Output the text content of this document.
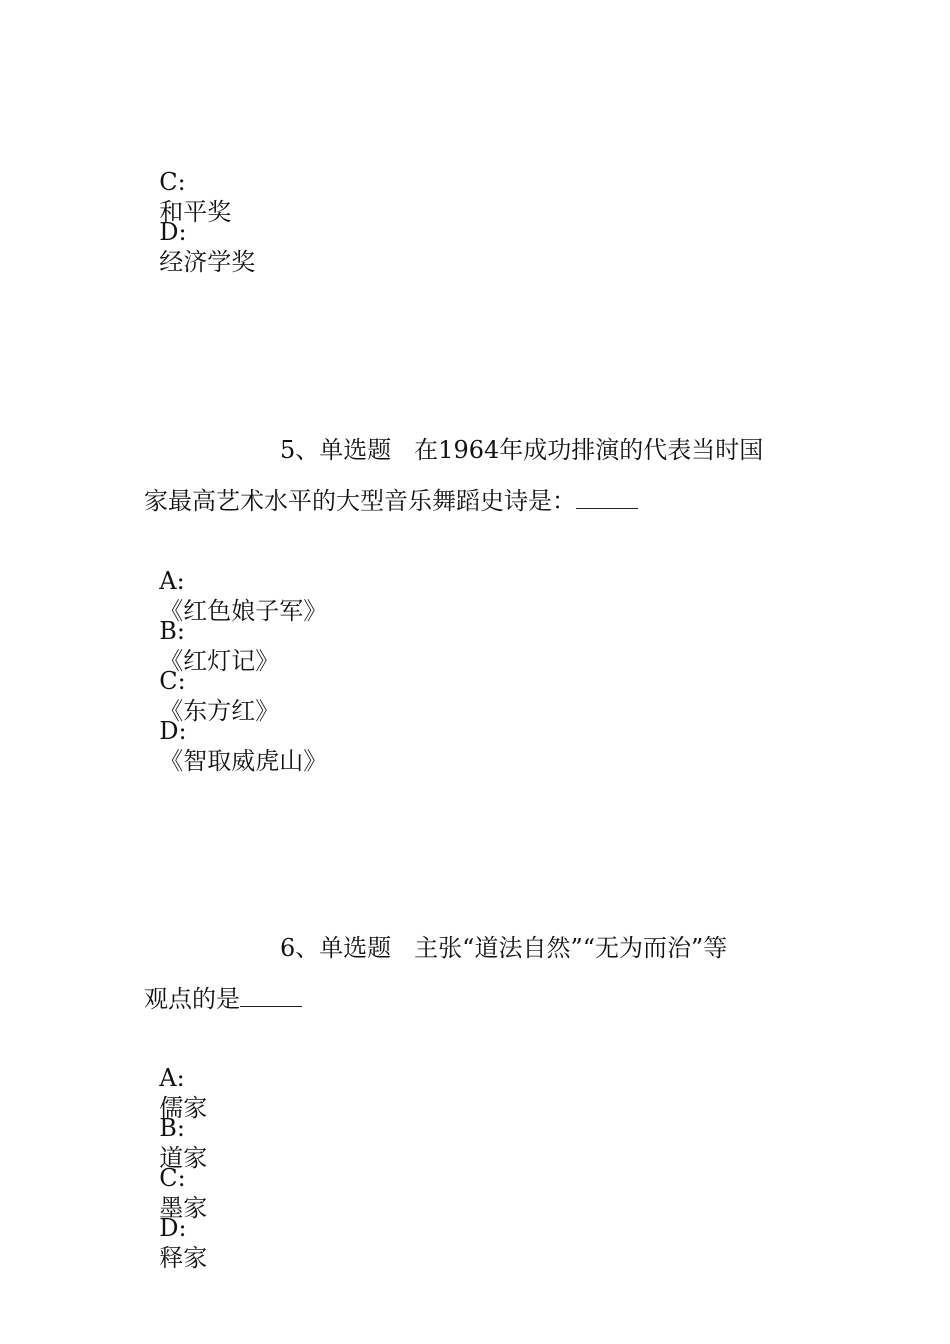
C:
和平奖

D:
经济学奖

5、单选题 在1964年成功排演的代表当时国
家最高艺术水平的大型音乐舞蹈史诗是：

A:
《红色娘子军》

B:
《红灯记》

C:
《东方红》

D:
《智取威虎山》

6、单选题 主张“道法自然”“无为而治”等
观点的是

A:
儒家

B:
道家

C:
墨家

D:
释家
